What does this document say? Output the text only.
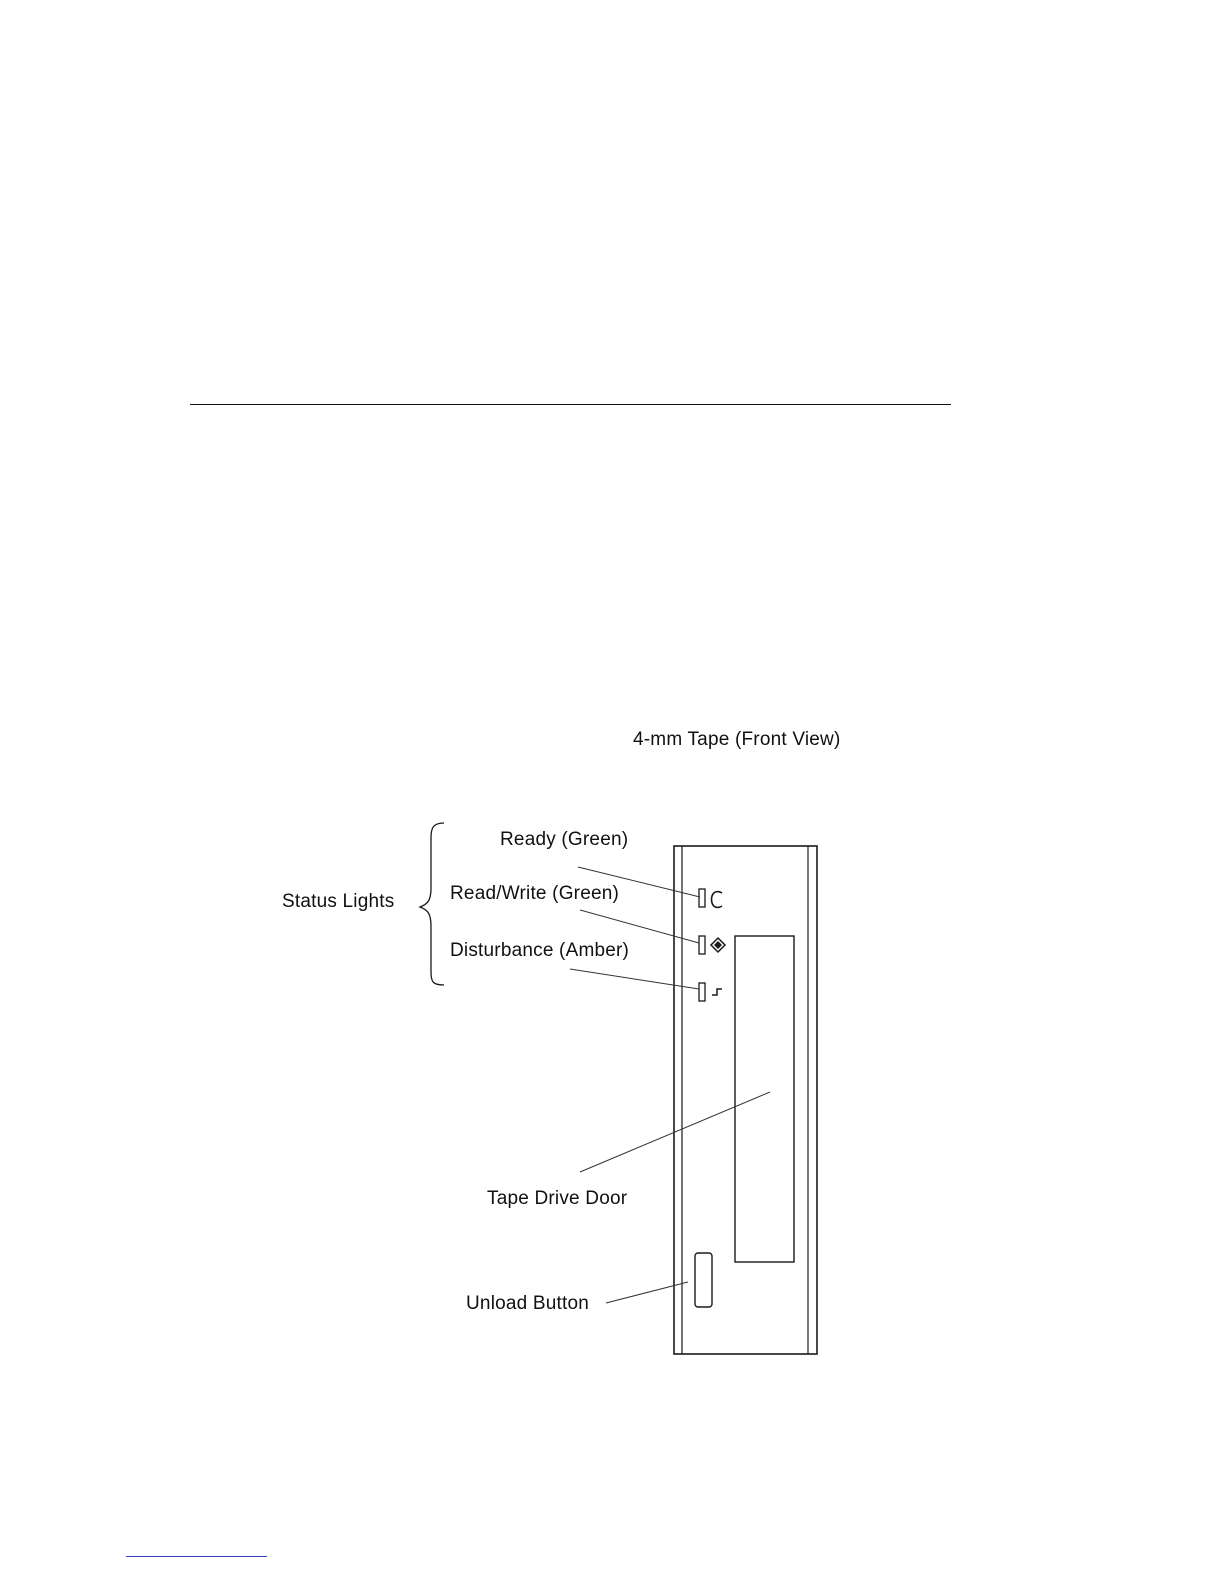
4-mm Tape (Front View)
Status Lights
Ready (Green)
Read/Write (Green)
Disturbance (Amber)
Tape Drive Door
Unload Button
